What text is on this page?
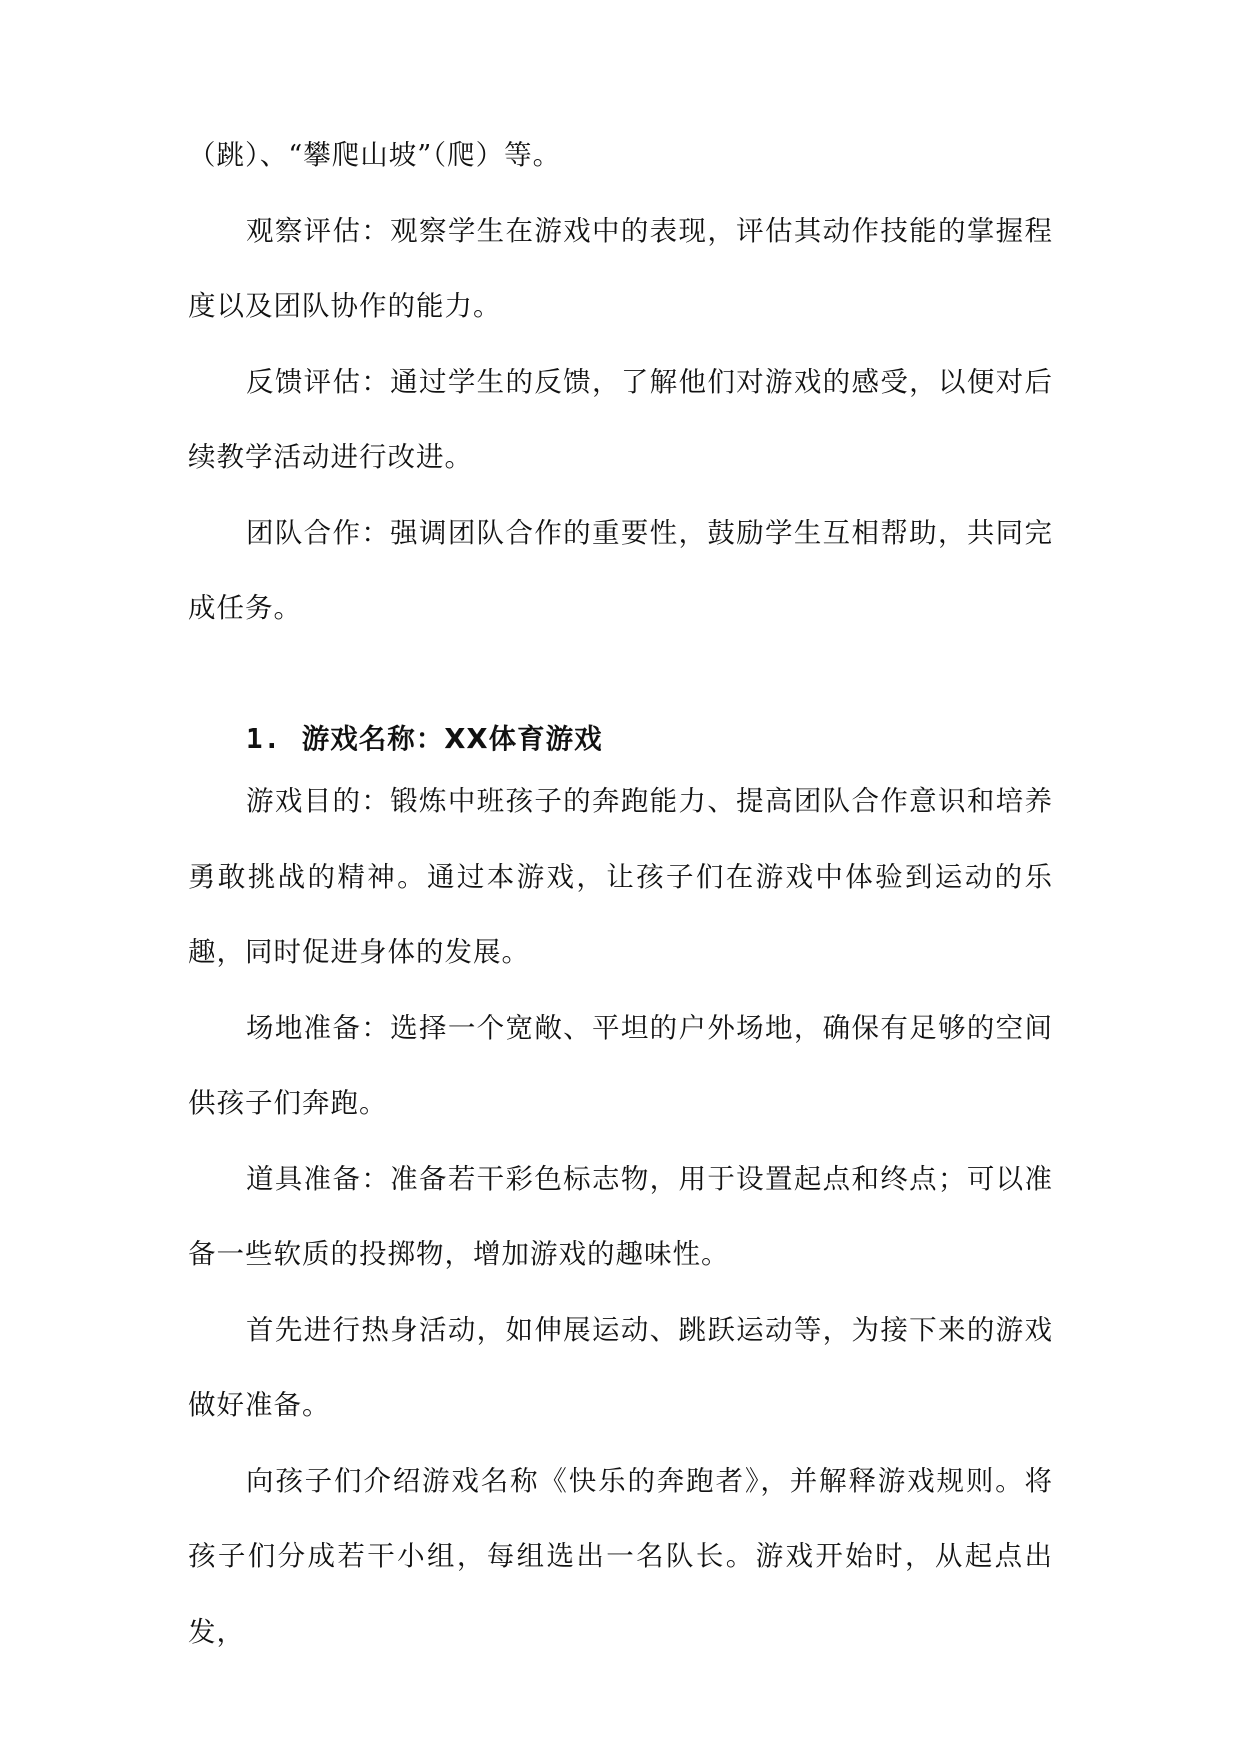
（跳）、“攀爬山坡”（爬）等。

观察评估：观察学生在游戏中的表现，评估其动作技能的掌握程度以及团队协作的能力。

反馈评估：通过学生的反馈，了解他们对游戏的感受，以便对后续教学活动进行改进。

团队合作：强调团队合作的重要性，鼓励学生互相帮助，共同完成任务。

1. 游戏名称：XX体育游戏

游戏目的：锻炼中班孩子的奔跑能力、提高团队合作意识和培养勇敢挑战的精神。通过本游戏，让孩子们在游戏中体验到运动的乐趣，同时促进身体的发展。

场地准备：选择一个宽敞、平坦的户外场地，确保有足够的空间供孩子们奔跑。

道具准备：准备若干彩色标志物，用于设置起点和终点；可以准备一些软质的投掷物，增加游戏的趣味性。

首先进行热身活动，如伸展运动、跳跃运动等，为接下来的游戏做好准备。

向孩子们介绍游戏名称《快乐的奔跑者》，并解释游戏规则。将孩子们分成若干小组，每组选出一名队长。游戏开始时，从起点出发，
